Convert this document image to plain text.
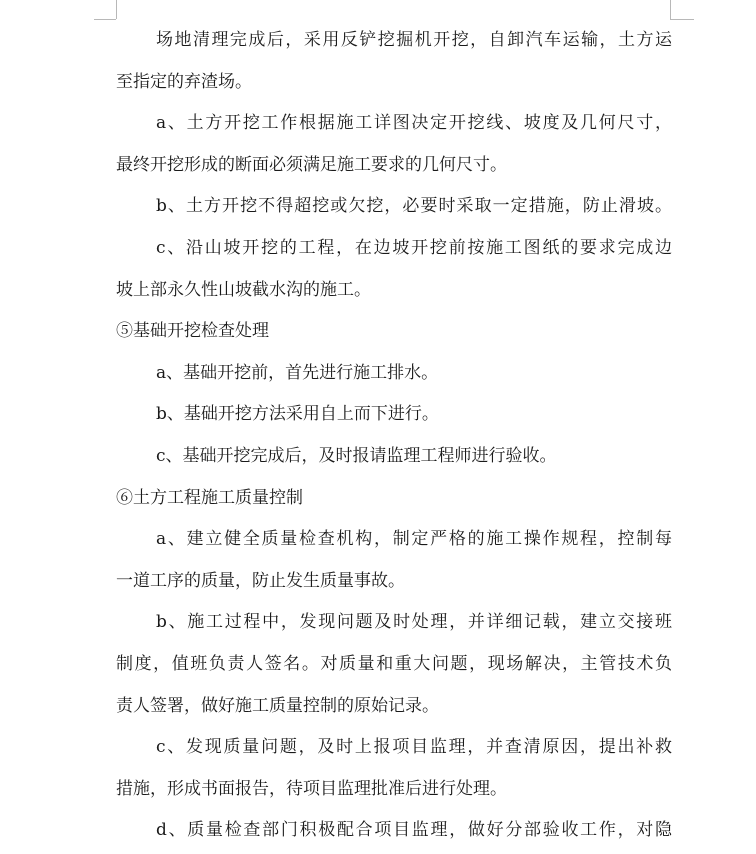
场地清理完成后，采用反铲挖掘机开挖，自卸汽车运输，土方运
至指定的弃渣场。
a、土方开挖工作根据施工详图决定开挖线、坡度及几何尺寸，
最终开挖形成的断面必须满足施工要求的几何尺寸。
b、土方开挖不得超挖或欠挖，必要时采取一定措施，防止滑坡。
c、沿山坡开挖的工程，在边坡开挖前按施工图纸的要求完成边
坡上部永久性山坡截水沟的施工。
⑤基础开挖检查处理
a、基础开挖前，首先进行施工排水。
b、基础开挖方法采用自上而下进行。
c、基础开挖完成后，及时报请监理工程师进行验收。
⑥土方工程施工质量控制
a、建立健全质量检查机构，制定严格的施工操作规程，控制每
一道工序的质量，防止发生质量事故。
b、施工过程中，发现问题及时处理，并详细记载，建立交接班
制度，值班负责人签名。对质量和重大问题，现场解决，主管技术负
责人签署，做好施工质量控制的原始记录。
c、发现质量问题，及时上报项目监理，并查清原因，提出补救
措施，形成书面报告，待项目监理批准后进行处理。
d、质量检查部门积极配合项目监理，做好分部验收工作，对隐
